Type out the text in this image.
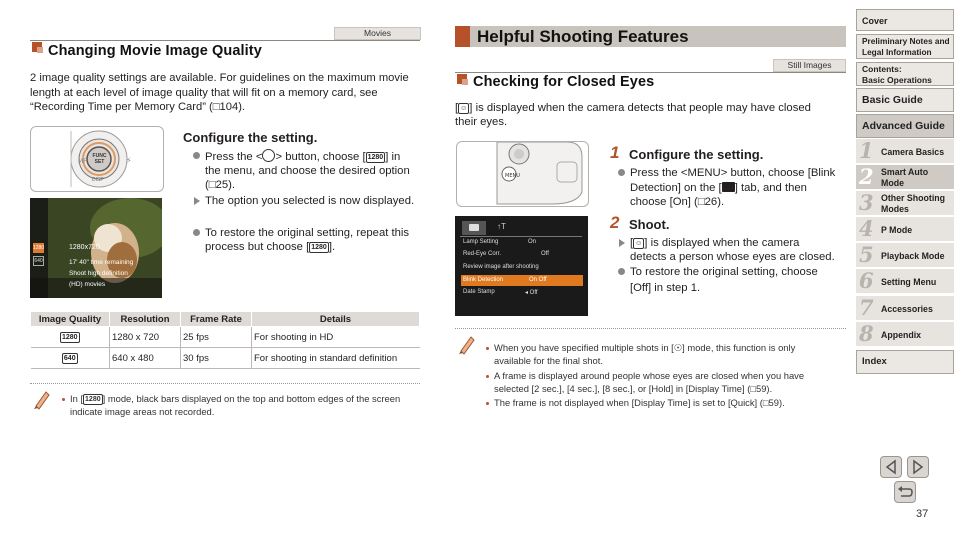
Movies
Changing Movie Image Quality
2 image quality settings are available. For guidelines on the maximum movie length at each level of image quality that will fit on a memory card, see “Recording Time per Memory Card” (□104).
⚡
MF
FUNC SET
DISP
1280
640
1280x720
17' 40" time remaining
Shoot high definition
(HD) movies
Configure the setting.
Press the < > button, choose [ 1280 ] in
the menu, and choose the desired option
(□25).
The option you selected is now displayed.
To restore the original setting, repeat this
process but choose [ 1280 ].
Image Quality	Resolution	Frame Rate	Details
1280	1280 x 720	25 fps	For shooting in HD
640	640 x 480	30 fps	For shooting in standard definition
In [ 1280 ] mode, black bars displayed on the top and bottom edges of the screen
indicate image areas not recorded.
Helpful Shooting Features
Still Images
Checking for Closed Eyes
[ ☺ ] is displayed when the camera detects that people may have closed
their eyes.
MENU
↑T
Lamp Setting	On
Red-Eye Corr.	Off
Review image after shooting
Blink Detection	On Off
Date Stamp	◂ Off
1 Configure the setting.
Press the <MENU> button, choose [Blink
Detection] on the [ ] tab, and then
choose [On] (□26).
2 Shoot.
[ ☺ ] is displayed when the camera
detects a person whose eyes are closed.
To restore the original setting, choose
[Off] in step 1.
When you have specified multiple shots in [☉] mode, this function is only available for the final shot.
A frame is displayed around people whose eyes are closed when you have selected [2 sec.], [4 sec.], [8 sec.], or [Hold] in [Display Time] (□59).
The frame is not displayed when [Display Time] is set to [Quick] (□59).
Cover
Preliminary Notes and Legal Information
Contents:
Basic Operations
Basic Guide
Advanced Guide
1 Camera Basics
2 Smart Auto Mode
3 Other Shooting Modes
4 P Mode
5 Playback Mode
6 Setting Menu
7 Accessories
8 Appendix
Index
37
